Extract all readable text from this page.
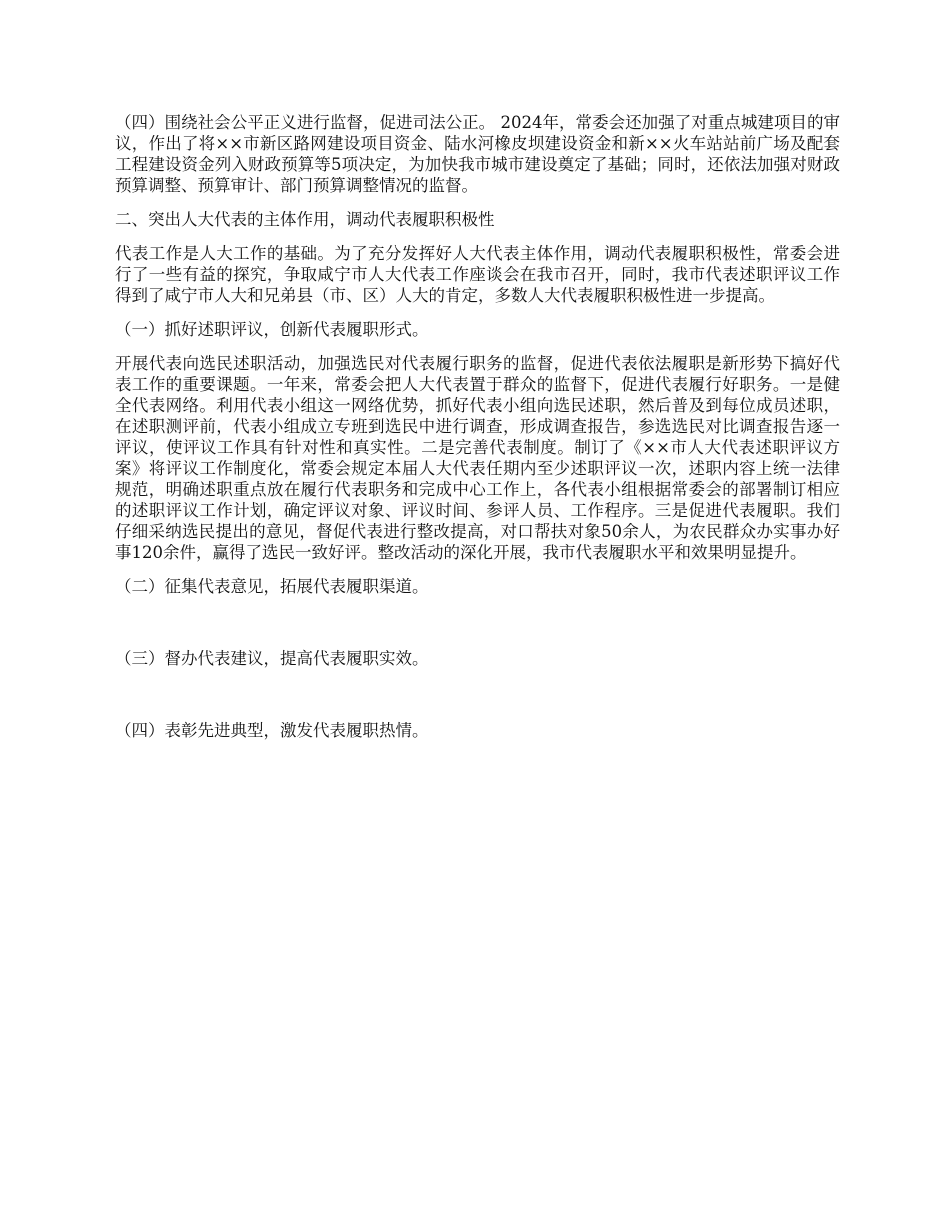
（四）围绕社会公平正义进行监督，促进司法公正。 2024年，常委会还加强了对重点城建项目的审议，作出了将××市新区路网建设项目资金、陆水河橡皮坝建设资金和新××火车站站前广场及配套工程建设资金列入财政预算等5项决定，为加快我市城市建设奠定了基础；同时，还依法加强对财政预算调整、预算审计、部门预算调整情况的监督。

二、突出人大代表的主体作用，调动代表履职积极性

代表工作是人大工作的基础。为了充分发挥好人大代表主体作用，调动代表履职积极性，常委会进行了一些有益的探究，争取咸宁市人大代表工作座谈会在我市召开，同时，我市代表述职评议工作得到了咸宁市人大和兄弟县（市、区）人大的肯定，多数人大代表履职积极性进一步提高。

（一）抓好述职评议，创新代表履职形式。

开展代表向选民述职活动，加强选民对代表履行职务的监督，促进代表依法履职是新形势下搞好代表工作的重要课题。一年来，常委会把人大代表置于群众的监督下，促进代表履行好职务。一是健全代表网络。利用代表小组这一网络优势，抓好代表小组向选民述职，然后普及到每位成员述职，在述职测评前，代表小组成立专班到选民中进行调查，形成调查报告，参选选民对比调查报告逐一评议，使评议工作具有针对性和真实性。二是完善代表制度。制订了《××市人大代表述职评议方案》将评议工作制度化，常委会规定本届人大代表任期内至少述职评议一次，述职内容上统一法律规范，明确述职重点放在履行代表职务和完成中心工作上，各代表小组根据常委会的部署制订相应的述职评议工作计划，确定评议对象、评议时间、参评人员、工作程序。三是促进代表履职。我们仔细采纳选民提出的意见，督促代表进行整改提高，对口帮扶对象50余人，为农民群众办实事办好事120余件，赢得了选民一致好评。整改活动的深化开展，我市代表履职水平和效果明显提升。

（二）征集代表意见，拓展代表履职渠道。

（三）督办代表建议，提高代表履职实效。

（四）表彰先进典型，激发代表履职热情。
